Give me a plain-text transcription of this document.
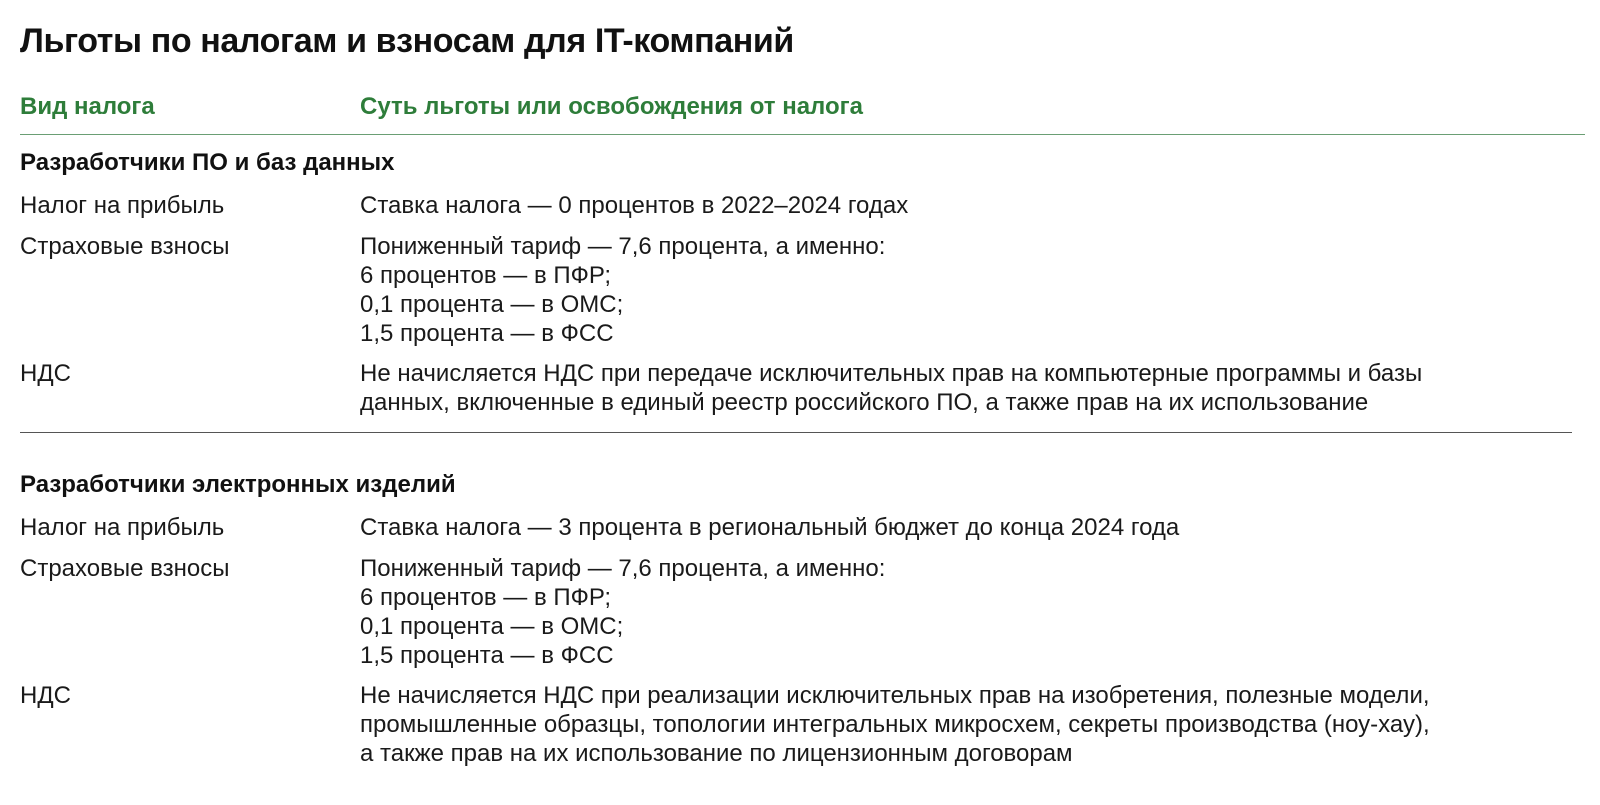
Льготы по налогам и взносам для IT-компаний
Вид налога	Суть льготы или освобождения от налога
Разработчики ПО и баз данных
Налог на прибыль	Ставка налога — 0 процентов в 2022–2024 годах
Страховые взносы	Пониженный тариф — 7,6 процента, а именно:
6 процентов — в ПФР;
0,1 процента — в ОМС;
1,5 процента — в ФСС
НДС	Не начисляется НДС при передаче исключительных прав на компьютерные программы и базы
данных, включенные в единый реестр российского ПО, а также прав на их использование
Разработчики электронных изделий
Налог на прибыль	Ставка налога — 3 процента в региональный бюджет до конца 2024 года
Страховые взносы	Пониженный тариф — 7,6 процента, а именно:
6 процентов — в ПФР;
0,1 процента — в ОМС;
1,5 процента — в ФСС
НДС	Не начисляется НДС при реализации исключительных прав на изобретения, полезные модели,
промышленные образцы, топологии интегральных микросхем, секреты производства (ноу-хау),
а также прав на их использование по лицензионным договорам
